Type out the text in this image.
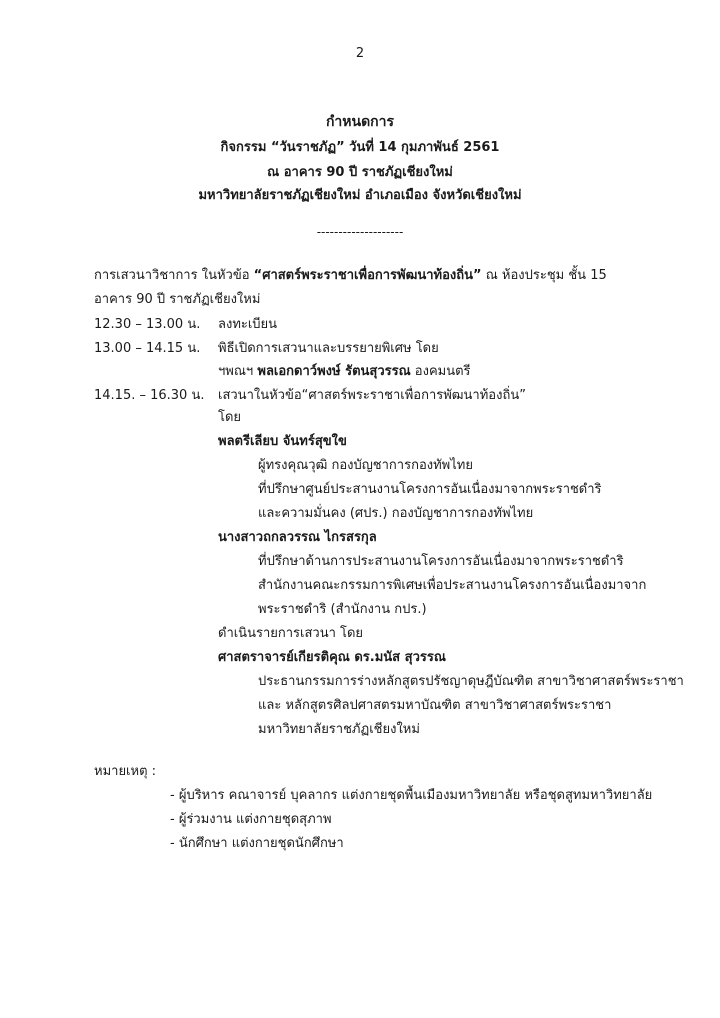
2
กำหนดการ
กิจกรรม “วันราชภัฏ” วันที่ 14 กุมภาพันธ์ 2561
ณ อาคาร 90 ปี ราชภัฏเชียงใหม่
มหาวิทยาลัยราชภัฏเชียงใหม่ อำเภอเมือง จังหวัดเชียงใหม่
--------------------
การเสวนาวิชาการ ในหัวข้อ “ศาสตร์พระราชาเพื่อการพัฒนาท้องถิ่น” ณ ห้องประชุม ชั้น 15
อาคาร 90 ปี ราชภัฏเชียงใหม่
12.30 – 13.00 น. ลงทะเบียน
13.00 – 14.15 น. พิธีเปิดการเสวนาและบรรยายพิเศษ โดย
ฯพณฯ พลเอกดาว์พงษ์ รัตนสุวรรณ องคมนตรี
14.15. – 16.30 น. เสวนาในหัวข้อ“ศาสตร์พระราชาเพื่อการพัฒนาท้องถิ่น”
โดย
พลตรีเลียบ จันทร์สุขใข
ผู้ทรงคุณวุฒิ กองบัญชาการกองทัพไทย
ที่ปรึกษาศูนย์ประสานงานโครงการอันเนื่องมาจากพระราชดำริ
และความมั่นคง (ศปร.) กองบัญชาการกองทัพไทย
นางสาวถกลวรรณ ไกรสรกุล
ที่ปรึกษาด้านการประสานงานโครงการอันเนื่องมาจากพระราชดำริ
สำนักงานคณะกรรมการพิเศษเพื่อประสานงานโครงการอันเนื่องมาจาก
พระราชดำริ (สำนักงาน กปร.)
ดำเนินรายการเสวนา โดย
ศาสตราจารย์เกียรติคุณ ดร.มนัส สุวรรณ
ประธานกรรมการร่างหลักสูตรปรัชญาดุษฎีบัณฑิต สาขาวิชาศาสตร์พระราชา
และ หลักสูตรศิลปศาสตรมหาบัณฑิต สาขาวิชาศาสตร์พระราชา
มหาวิทยาลัยราชภัฏเชียงใหม่
หมายเหตุ :
- ผู้บริหาร คณาจารย์ บุคลากร แต่งกายชุดพื้นเมืองมหาวิทยาลัย หรือชุดสูทมหาวิทยาลัย
- ผู้ร่วมงาน แต่งกายชุดสุภาพ
- นักศึกษา แต่งกายชุดนักศึกษา
